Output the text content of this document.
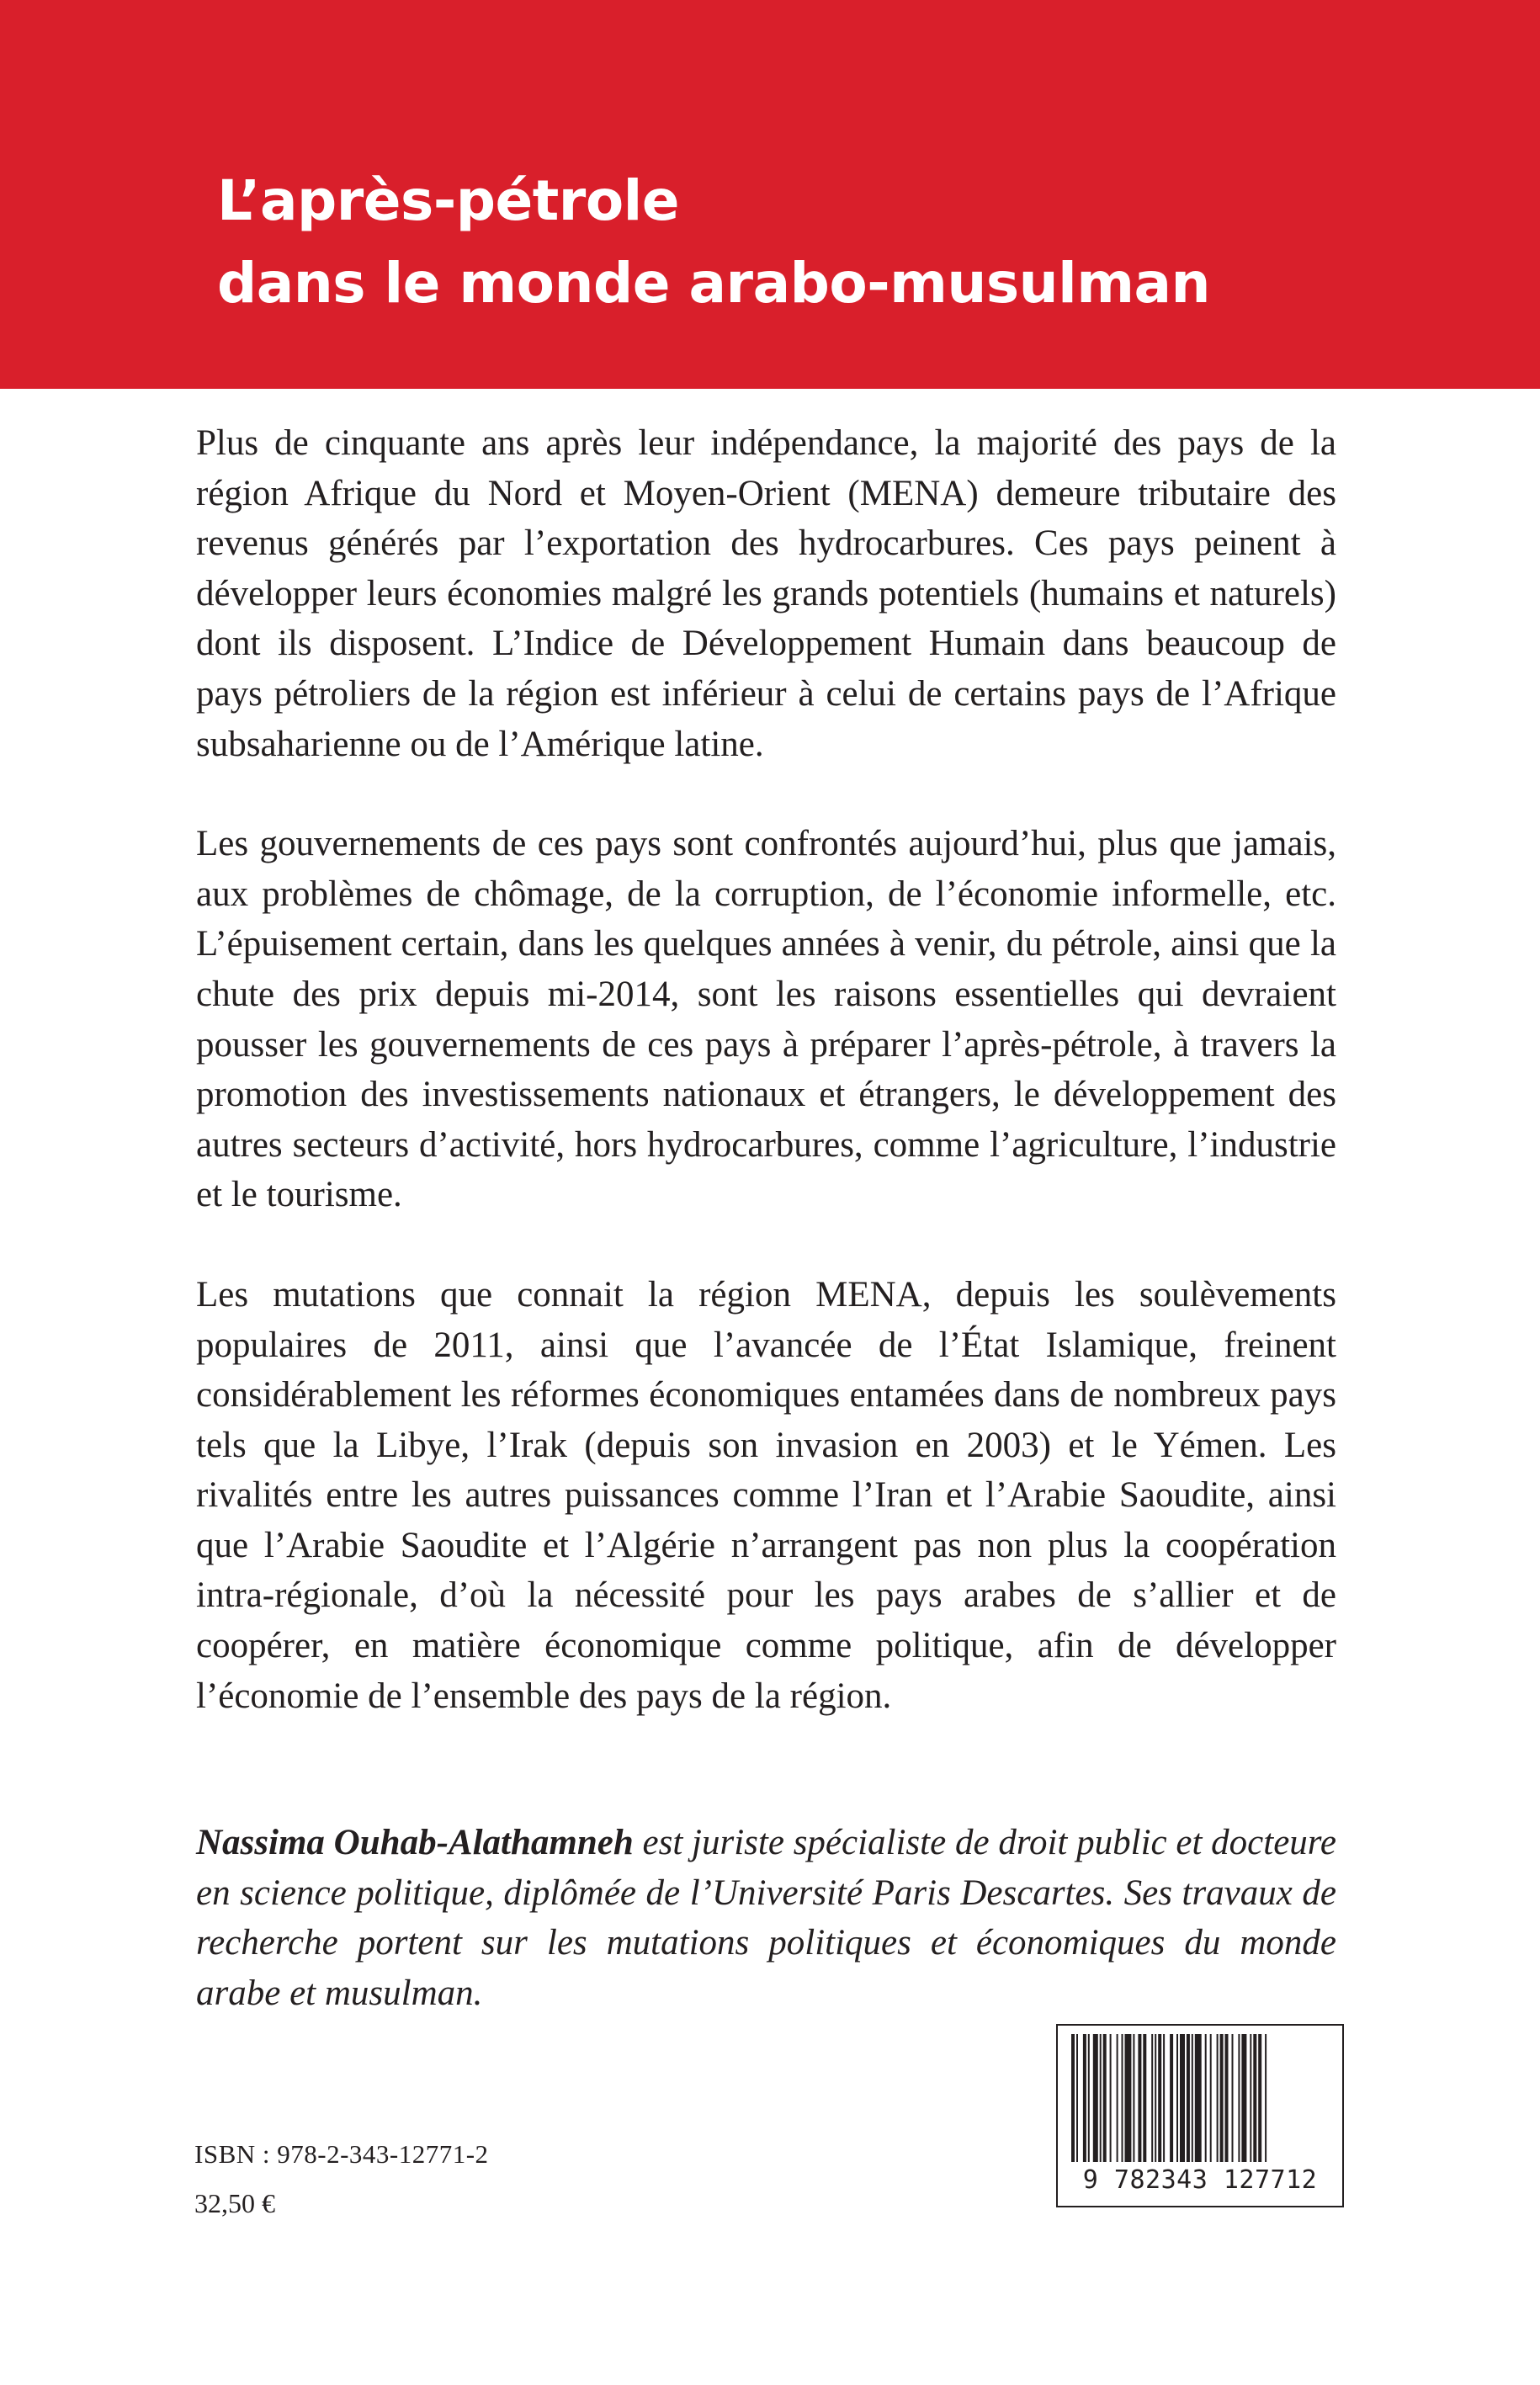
L’après-pétrole
dans le monde arabo-musulman

Plus de cinquante ans après leur indépendance, la majorité des pays de la région Afrique du Nord et Moyen-Orient (MENA) demeure tributaire des revenus générés par l’exportation des hydrocarbures. Ces pays peinent à développer leurs économies malgré les grands potentiels (humains et naturels) dont ils disposent. L’Indice de Développement Humain dans beaucoup de pays pétroliers de la région est inférieur à celui de certains pays de l’Afrique subsaharienne ou de l’Amérique latine.

Les gouvernements de ces pays sont confrontés aujourd’hui, plus que jamais, aux problèmes de chômage, de la corruption, de l’économie informelle, etc. L’épuisement certain, dans les quelques années à venir, du pétrole, ainsi que la chute des prix depuis mi-2014, sont les raisons essentielles qui devraient pousser les gouvernements de ces pays à préparer l’après-pétrole, à travers la promotion des investissements nationaux et étrangers, le développement des autres secteurs d’activité, hors hydrocarbures, comme l’agriculture, l’industrie et le tourisme.

Les mutations que connait la région MENA, depuis les soulèvements populaires de 2011, ainsi que l’avancée de l’État Islamique, freinent considérablement les réformes économiques entamées dans de nombreux pays tels que la Libye, l’Irak (depuis son invasion en 2003) et le Yémen. Les rivalités entre les autres puissances comme l’Iran et l’Arabie Saoudite, ainsi que l’Arabie Saoudite et l’Algérie n’arrangent pas non plus la coopération intra-régionale, d’où la nécessité pour les pays arabes de s’allier et de coopérer, en matière économique comme politique, afin de développer l’économie de l’ensemble des pays de la région.

Nassima Ouhab-Alathamneh est juriste spécialiste de droit public et docteure en science politique, diplômée de l’Université Paris Descartes. Ses travaux de recherche portent sur les mutations politiques et économiques du monde arabe et musulman.
ISBN : 978-2-343-12771-2
32,50 €
9 782343 127712
